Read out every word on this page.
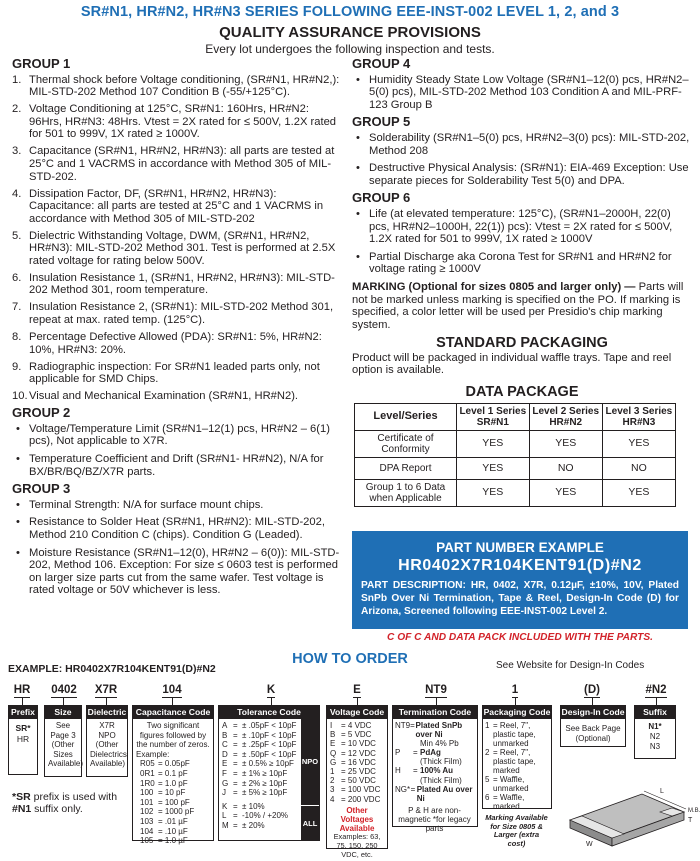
SR#N1, HR#N2, HR#N3 SERIES FOLLOWING EEE-INST-002 LEVEL 1, 2, and 3
QUALITY ASSURANCE PROVISIONS
Every lot undergoes the following inspection and tests.
GROUP 1
1. Thermal shock before Voltage conditioning, (SR#N1, HR#N2,): MIL-STD-202 Method 107 Condition B (-55/+125°C).
2. Voltage Conditioning at 125°C, SR#N1: 160Hrs, HR#N2: 96Hrs, HR#N3: 48Hrs. Vtest = 2X rated for ≤ 500V, 1.2X rated for 501 to 999V, 1X rated ≥ 1000V.
3. Capacitance (SR#N1, HR#N2, HR#N3): all parts are tested at 25°C and 1 VACRMS in accordance with Method 305 of MIL-STD-202.
4. Dissipation Factor, DF, (SR#N1, HR#N2, HR#N3): Capacitance: all parts are tested at 25°C and 1 VACRMS in accordance with Method 305 of MIL-STD-202
5. Dielectric Withstanding Voltage, DWM, (SR#N1, HR#N2, HR#N3): MIL-STD-202 Method 301. Test is performed at 2.5X rated voltage for rating below 500V.
6. Insulation Resistance 1, (SR#N1, HR#N2, HR#N3): MIL-STD-202 Method 301, room temperature.
7. Insulation Resistance 2, (SR#N1): MIL-STD-202 Method 301, repeat at max. rated temp. (125°C).
8. Percentage Defective Allowed (PDA): SR#N1: 5%, HR#N2: 10%, HR#N3: 20%.
9. Radiographic inspection: For SR#N1 leaded parts only, not applicable for SMD Chips.
10. Visual and Mechanical Examination (SR#N1, HR#N2).
GROUP 2
• Voltage/Temperature Limit (SR#N1–12(1) pcs, HR#N2 – 6(1) pcs), Not applicable to X7R.
• Temperature Coefficient and Drift (SR#N1- HR#N2), N/A for BX/BR/BQ/BZ/X7R parts.
GROUP 3
• Terminal Strength: N/A for surface mount chips.
• Resistance to Solder Heat (SR#N1, HR#N2): MIL-STD-202, Method 210 Condition C (chips). Condition G (Leaded).
• Moisture Resistance (SR#N1–12(0), HR#N2 – 6(0)): MIL-STD-202, Method 106. Exception: For size ≤ 0603 test is performed on larger size parts cut from the same wafer. Test voltage is rated voltage or 50V whichever is less.
GROUP 4
• Humidity Steady State Low Voltage (SR#N1–12(0) pcs, HR#N2–5(0) pcs), MIL-STD-202 Method 103 Condition A and MIL-PRF-123 Group B
GROUP 5
• Solderability (SR#N1–5(0) pcs, HR#N2–3(0) pcs): MIL-STD-202, Method 208
• Destructive Physical Analysis: (SR#N1): EIA-469 Exception: Use separate pieces for Solderability Test 5(0) and DPA.
GROUP 6
• Life (at elevated temperature: 125°C), (SR#N1–2000H, 22(0) pcs, HR#N2–1000H, 22(1)) pcs): Vtest = 2X rated for ≤ 500V, 1.2X rated for 501 to 999V, 1X rated ≥ 1000V
• Partial Discharge aka Corona Test for SR#N1 and HR#N2 for voltage rating ≥ 1000V
MARKING (Optional for sizes 0805 and larger only) — Parts will not be marked unless marking is specified on the PO. If marking is specified, a color letter will be used per Presidio's chip marking system.
STANDARD PACKAGING
Product will be packaged in individual waffle trays. Tape and reel option is available.
DATA PACKAGE
Level/Series	Level 1 Series SR#N1	Level 2 Series HR#N2	Level 3 Series HR#N3
Certificate of Conformity	YES	YES	YES
DPA Report	YES	NO	NO
Group 1 to 6 Data when Applicable	YES	YES	YES
PART NUMBER EXAMPLE
HR0402X7R104KENT91(D)#N2
PART DESCRIPTION: HR, 0402, X7R, 0.12µF, ±10%, 10V, Plated SnPb Over Ni Termination, Tape & Reel, Design-In Code (D) for Arizona, Screened following EEE-INST-002 Level 2.
C OF C AND DATA PACK INCLUDED WITH THE PARTS.
HOW TO ORDER
EXAMPLE: HR0402X7R104KENT91(D)#N2	See Website for Design-In Codes
HR	0402	X7R	104	K	E	NT9	1	(D)	#N2
Prefix
SR*
HR
Size
See Page 3 (Other Sizes Available)
Dielectric
X7R NPO (Other Dielectrics Available)
Capacitance Code
Two significant figures followed by the number of zeros.
Example:
R05 = 0.05pF
0R1 = 0.1 pF
1R0 = 1.0 pF
100 = 10 pF
101 = 100 pF
102 = 1000 pF
103 = .01 µF
104 = .10 µF
105 = 1.0 µF
Tolerance Code
NPO
ALL
A = ± .05pF < 10pF
B = ± .10pF < 10pF
C = ± .25pF < 10pF
D = ± .50pF < 10pF
E = ± 0.5% ≥ 10pF
F = ± 1% ≥ 10pF
G = ± 2% ≥ 10pF
J = ± 5% ≥ 10pF
K = ± 10%
L = -10% / +20%
M = ± 20%
Voltage Code
I	= 4 VDC
B = 5 VDC
E = 10 VDC
Q = 12 VDC
G = 16 VDC
1 = 25 VDC
2 = 50 VDC
3 = 100 VDC
4 = 200 VDC
Other Voltages Available
Examples: 63, 75, 150, 250 VDC, etc.
Termination Code
NT9 = Plated SnPb over Ni
Min 4% Pb
P	= PdAg
(Thick Film)
H	= 100% Au
(Thick Film)
NG* = Plated Au over Ni
P & H are non-magnetic *for legacy parts
Packaging Code
1 = Reel, 7", plastic tape, unmarked
2 = Reel, 7", plastic tape, marked
5 = Waffle, unmarked
6 = Waffle, marked
Marking Available for Size 0805 & Larger (extra cost)
Design-In Code
See Back Page (Optional)
Suffix
N1*
N2
N3
*SR prefix is used with
#N1 suffix only.
L
M.B.
T
W
